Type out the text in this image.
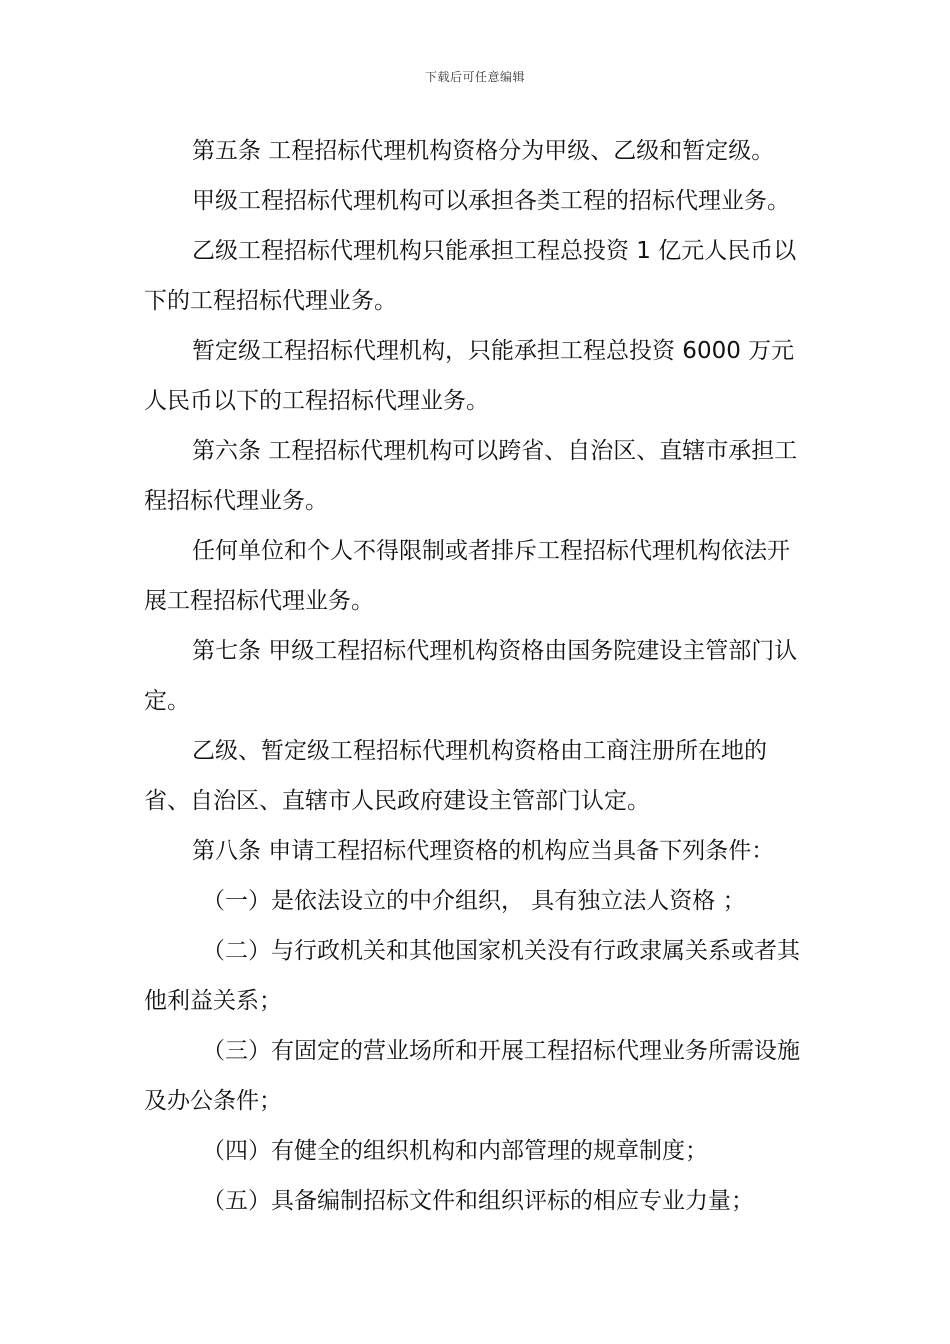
下载后可任意编辑

第五条 工程招标代理机构资格分为甲级、乙级和暂定级。

甲级工程招标代理机构可以承担各类工程的招标代理业务。

乙级工程招标代理机构只能承担工程总投资 1 亿元人民币以下的工程招标代理业务。

暂定级工程招标代理机构，只能承担工程总投资 6000 万元人民币以下的工程招标代理业务。

第六条 工程招标代理机构可以跨省、自治区、直辖市承担工程招标代理业务。

任何单位和个人不得限制或者排斥工程招标代理机构依法开展工程招标代理业务。

第七条 甲级工程招标代理机构资格由国务院建设主管部门认定。

乙级、暂定级工程招标代理机构资格由工商注册所在地的省、自治区、直辖市人民政府建设主管部门认定。

第八条 申请工程招标代理资格的机构应当具备下列条件：

（一）是依法设立的中介组织， 具有独立法人资格 ；

（二）与行政机关和其他国家机关没有行政隶属关系或者其他利益关系；

（三）有固定的营业场所和开展工程招标代理业务所需设施及办公条件；

（四）有健全的组织机构和内部管理的规章制度；

（五）具备编制招标文件和组织评标的相应专业力量；
